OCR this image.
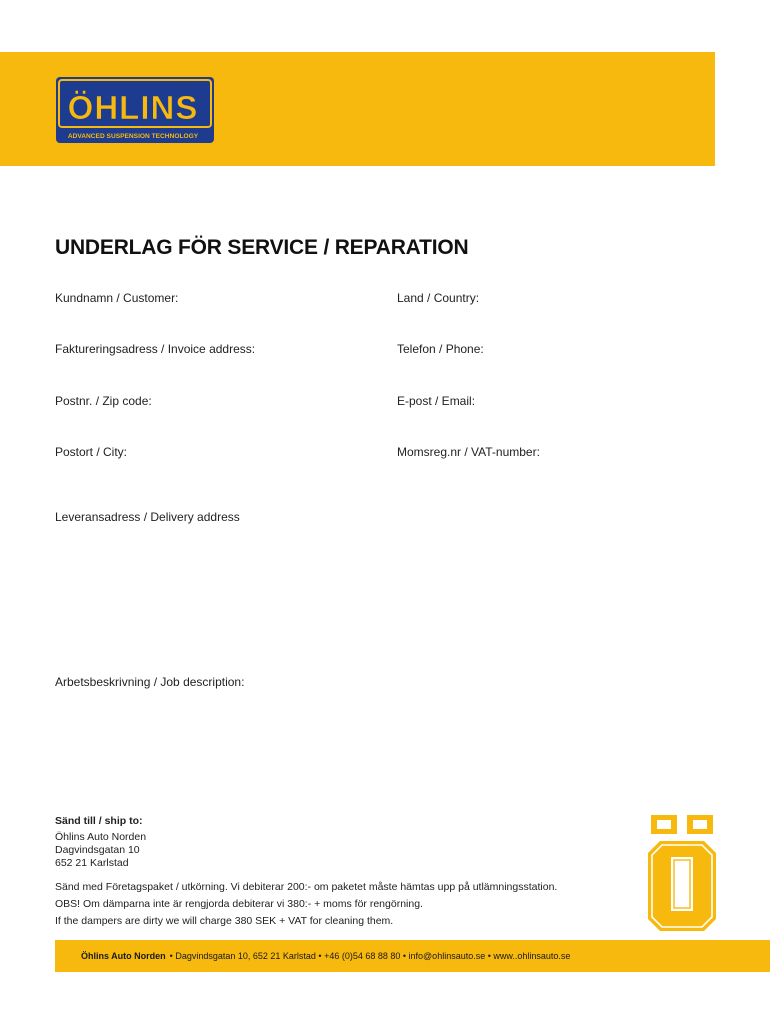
ÖHLINS
ADVANCED SUSPENSION TECHNOLOGY
UNDERLAG FÖR SERVICE / REPARATION
Kundnamn / Customer:	Land / Country:
Faktureringsadress / Invoice address:	Telefon / Phone:
Postnr. / Zip code:	E-post / Email:
Postort / City:	Momsreg.nr / VAT-number:
Leveransadress / Delivery address
Arbetsbeskrivning / Job description:
Sänd till / ship to:
Öhlins Auto Norden
Dagvindsgatan 10
652 21 Karlstad
Sänd med Företagspaket / utkörning. Vi debiterar 200:- om paketet måste hämtas upp på utlämningsstation.
OBS! Om dämparna inte är rengjorda debiterar vi 380:- + moms för rengörning.
If the dampers are dirty we will charge 380 SEK + VAT for cleaning them.
Öhlins Auto Norden • Dagvindsgatan 10, 652 21 Karlstad • +46 (0)54 68 88 80 • info@ohlinsauto.se • www..ohlinsauto.se
